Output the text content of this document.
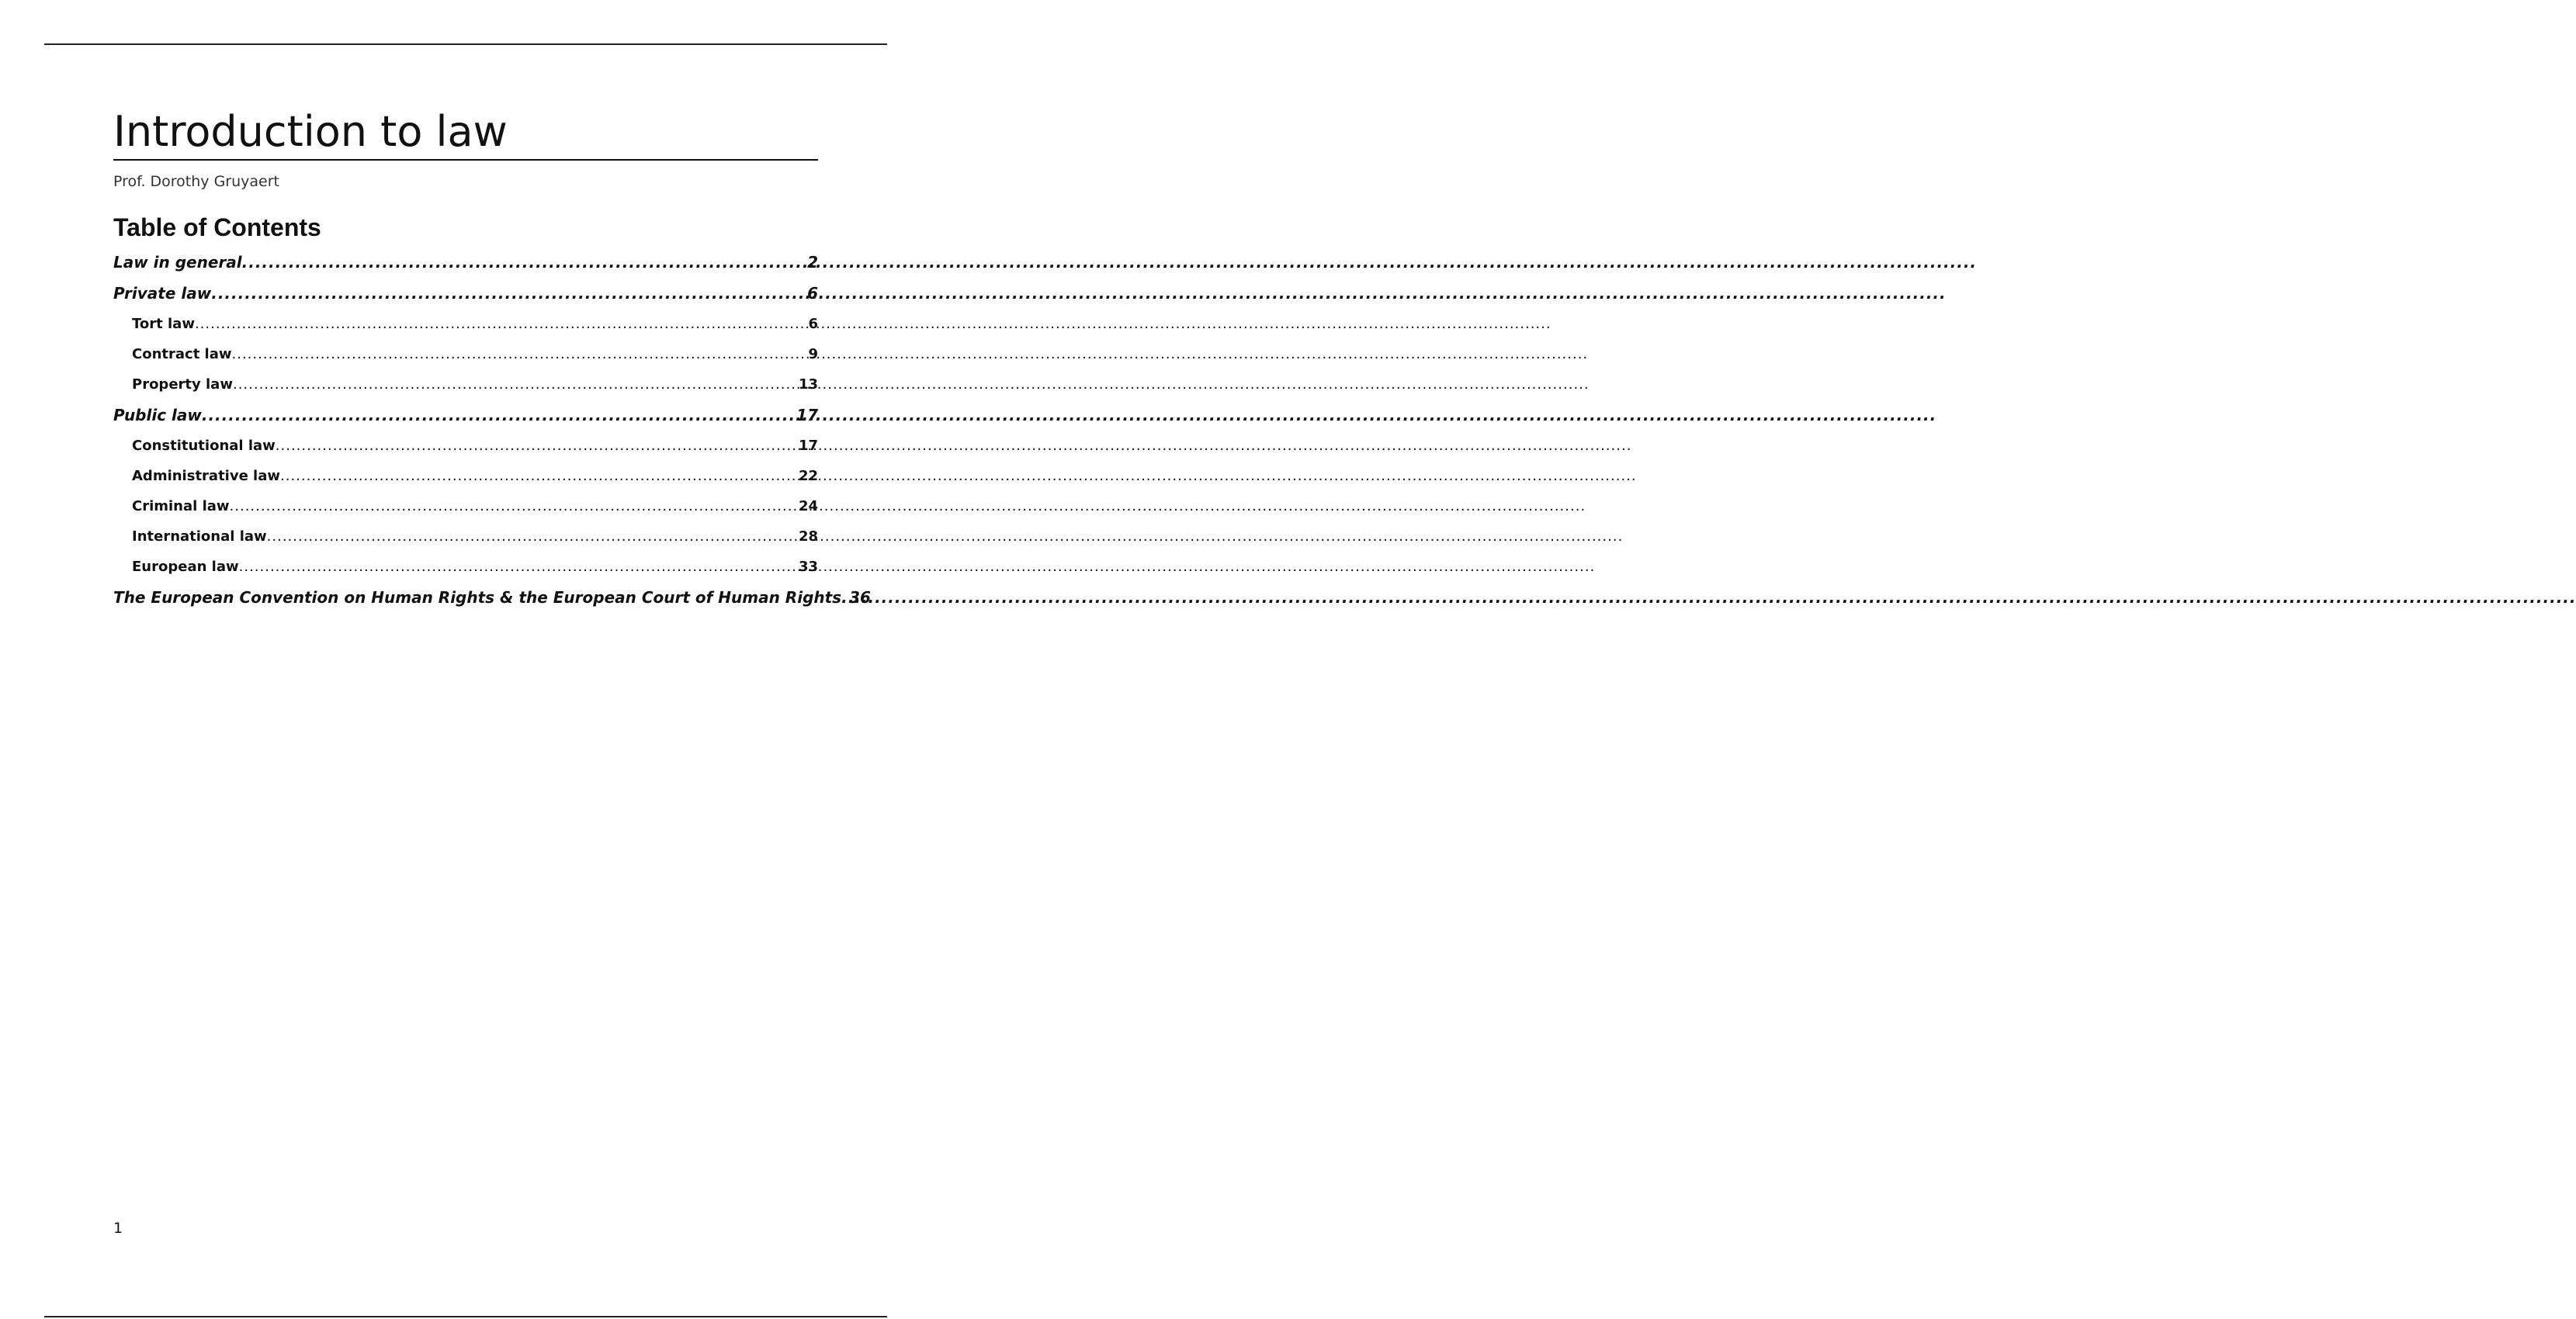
Introduction to law
Prof. Dorothy Gruyaert
Table of Contents
Law in general .....	2
Private law .....	6
Tort law .....	6
Contract law .....	9
Property law .....	13
Public law .....	17
Constitutional law .....	17
Administrative law .....	22
Criminal law .....	24
International law .....	28
European law .....	33
The European Convention on Human Rights & the European Court of Human Rights ..... 36
1
